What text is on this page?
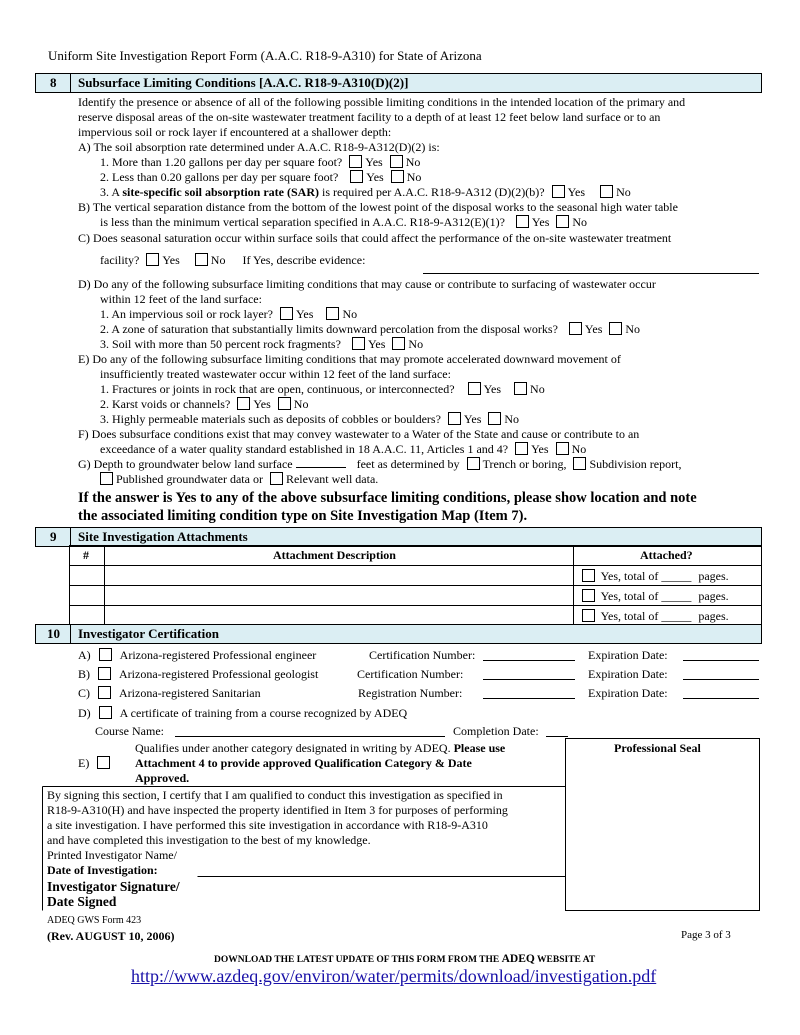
Uniform Site Investigation Report Form (A.A.C. R18-9-A310) for State of Arizona
8 Subsurface Limiting Conditions [A.A.C. R18-9-A310(D)(2)]
Identify the presence or absence of all of the following possible limiting conditions in the intended location of the primary and
reserve disposal areas of the on-site wastewater treatment facility to a depth of at least 12 feet below land surface or to an
impervious soil or rock layer if encountered at a shallower depth:
A) The soil absorption rate determined under A.A.C. R18-9-A312(D)(2) is:
1. More than 1.20 gallons per day per square foot? Yes No
2. Less than 0.20 gallons per day per square foot? Yes No
3. A site-specific soil absorption rate (SAR) is required per A.A.C. R18-9-A312 (D)(2)(b)? Yes	No
B) The vertical separation distance from the bottom of the lowest point of the disposal works to the seasonal high water table
is less than the minimum vertical separation specified in A.A.C. R18-9-A312(E)(1)? Yes No
C) Does seasonal saturation occur within surface soils that could affect the performance of the on-site wastewater treatment
facility? Yes	No If Yes, describe evidence:
D) Do any of the following subsurface limiting conditions that may cause or contribute to surfacing of wastewater occur
within 12 feet of the land surface:
1. An impervious soil or rock layer? Yes No
2. A zone of saturation that substantially limits downward percolation from the disposal works? Yes No
3. Soil with more than 50 percent rock fragments? Yes No
E) Do any of the following subsurface limiting conditions that may promote accelerated downward movement of
insufficiently treated wastewater occur within 12 feet of the land surface:
1. Fractures or joints in rock that are open, continuous, or interconnected? Yes No
2. Karst voids or channels? Yes No
3. Highly permeable materials such as deposits of cobbles or boulders? Yes No
F) Does subsurface conditions exist that may convey wastewater to a Water of the State and cause or contribute to an
exceedance of a water quality standard established in 18 A.A.C. 11, Articles 1 and 4? Yes No
G) Depth to groundwater below land surface	feet as determined by Trench or boring, Subdivision report,
Published groundwater data or Relevant well data.
If the answer is Yes to any of the above subsurface limiting conditions, please show location and note
the associated limiting condition type on Site Investigation Map (Item 7).
9 Site Investigation Attachments
#	Attachment Description	Attached?
Yes, total of _____ pages.
Yes, total of _____ pages.
Yes, total of _____ pages.
10 Investigator Certification
A) Arizona-registered Professional engineer	Certification Number:	Expiration Date:
B) Arizona-registered Professional geologist	Certification Number:	Expiration Date:
C) Arizona-registered Sanitarian	Registration Number:	Expiration Date:
D) A certificate of training from a course recognized by ADEQ
Course Name:	Completion Date:
E)
Qualifies under another category designated in writing by ADEQ. Please use
Attachment 4 to provide approved Qualification Category & Date
Approved.
Professional Seal
By signing this section, I certify that I am qualified to conduct this investigation as specified in
R18-9-A310(H) and have inspected the property identified in Item 3 for purposes of performing
a site investigation. I have performed this site investigation in accordance with R18-9-A310
and have completed this investigation to the best of my knowledge.
Printed Investigator Name/
Date of Investigation:
Investigator Signature/
Date Signed
ADEQ GWS Form 423
(Rev. AUGUST 10, 2006)	Page 3 of 3
DOWNLOAD THE LATEST UPDATE OF THIS FORM FROM THE ADEQ WEBSITE AT
http://www.azdeq.gov/environ/water/permits/download/investigation.pdf
